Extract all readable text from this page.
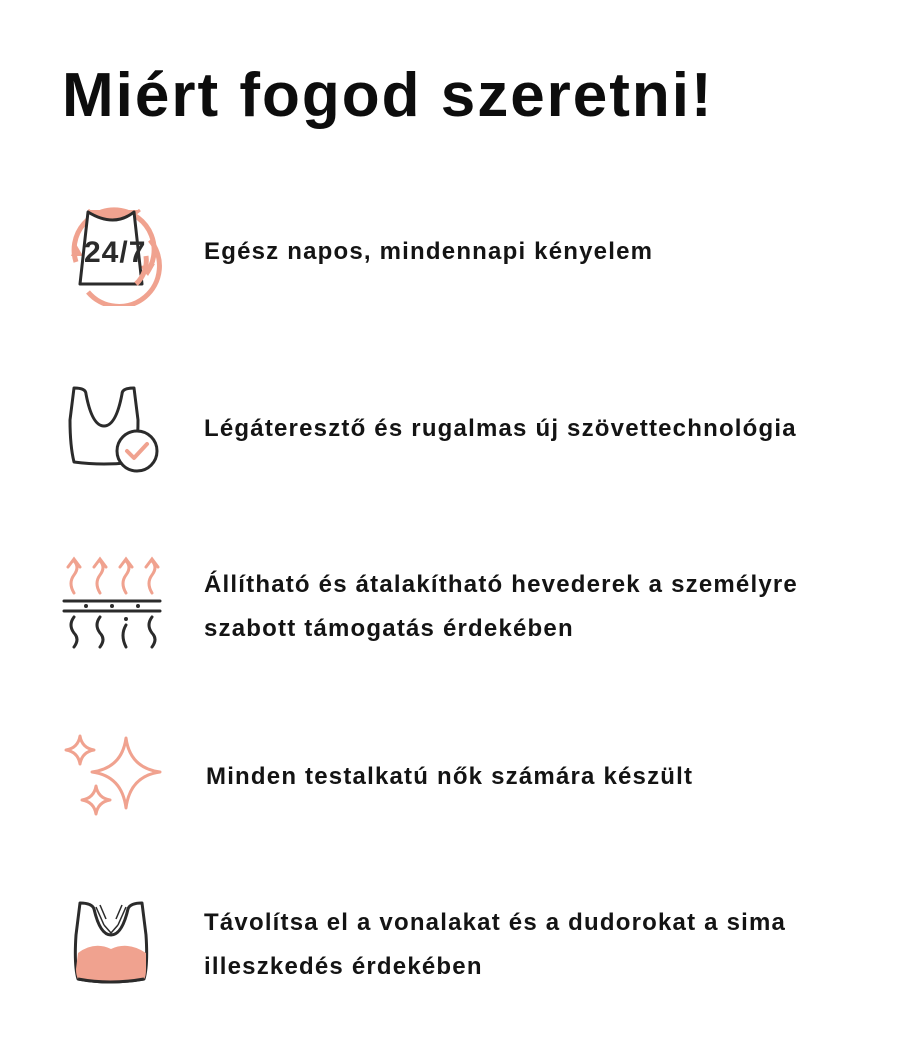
Miért fogod szeretni!
24/7 Egész napos, mindennapi kényelem
Légáteresztő és rugalmas új szövettechnológia
Állítható és átalakítható hevederek a személyre
szabott támogatás érdekében
Minden testalkatú nők számára készült
Távolítsa el a vonalakat és a dudorokat a sima
illeszkedés érdekében
